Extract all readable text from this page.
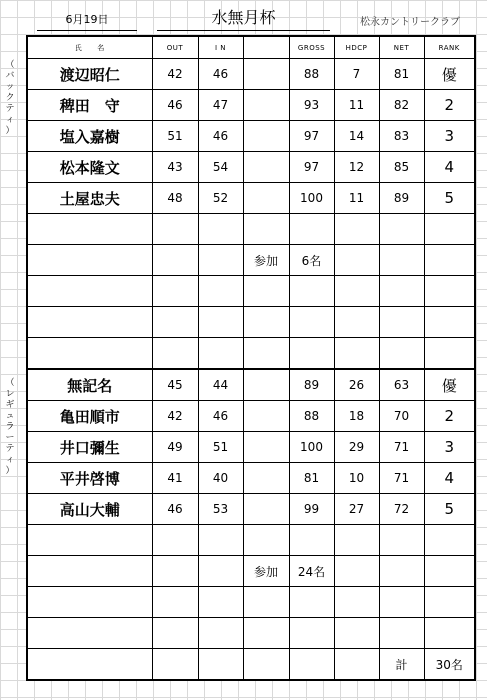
6月19日	水無月杯	松永カントリークラブ
（
バ
ッ
ク
テ
ィ
）
（
レ
ギ
ュ
ラ
ー
テ
ィ
）
氏　　名	OUT	I N		GROSS	HDCP	NET	RANK
渡辺昭仁	42	46		88	7	81	優
稗田　守	46	47		93	11	82	2
塩入嘉樹	51	46		97	14	83	3
松本隆文	43	54		97	12	85	4
土屋忠夫	48	52		100	11	89	5

			参加	6名			

無記名	45	44		89	26	63	優
亀田順市	42	46		88	18	70	2
井口彌生	49	51		100	29	71	3
平井啓博	41	40		81	10	71	4
高山大輔	46	53		99	27	72	5

			参加	24名			

						計	30名
